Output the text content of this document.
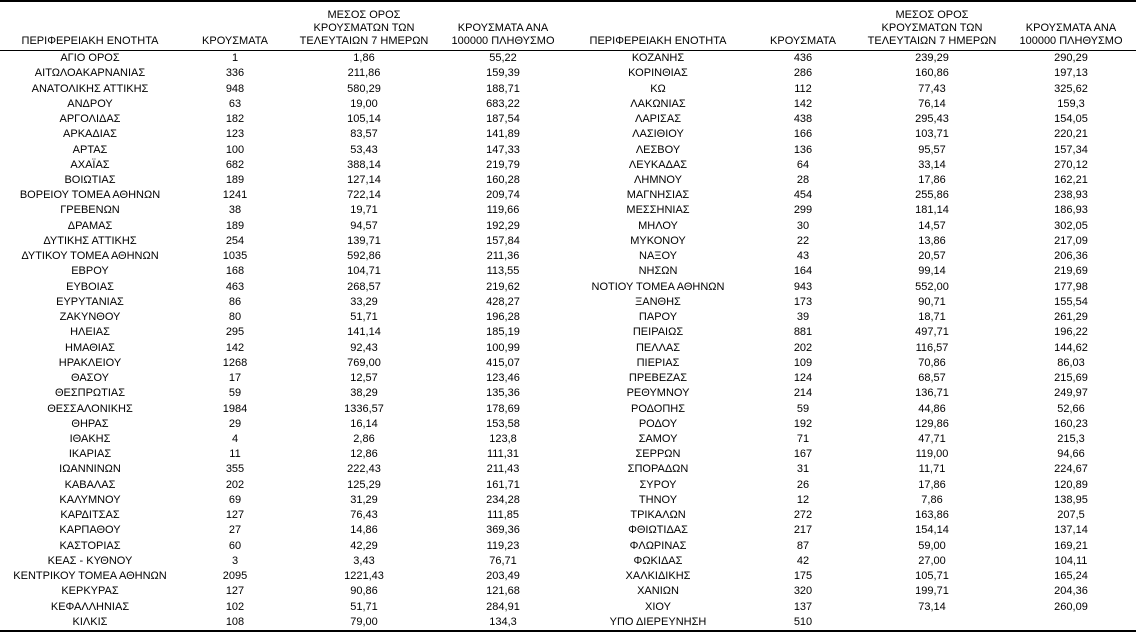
ΠΕΡΙΦΕΡΕΙΑΚΗ ΕΝΟΤΗΤΑ	ΚΡΟΥΣΜΑΤΑ	ΜΕΣΟΣ ΟΡΟΣ ΚΡΟΥΣΜΑΤΩΝ ΤΩΝ ΤΕΛΕΥΤΑΙΩΝ 7 ΗΜΕΡΩΝ	ΚΡΟΥΣΜΑΤΑ ΑΝΑ 100000 ΠΛΗΘΥΣΜΟ
ΑΓΙΟ ΟΡΟΣ	1	1,86	55,22
ΑΙΤΩΛΟΑΚΑΡΝΑΝΙΑΣ	336	211,86	159,39
ΑΝΑΤΟΛΙΚΗΣ ΑΤΤΙΚΗΣ	948	580,29	188,71
ΑΝΔΡΟΥ	63	19,00	683,22
ΑΡΓΟΛΙΔΑΣ	182	105,14	187,54
ΑΡΚΑΔΙΑΣ	123	83,57	141,89
ΑΡΤΑΣ	100	53,43	147,33
ΑΧΑΪΑΣ	682	388,14	219,79
ΒΟΙΩΤΙΑΣ	189	127,14	160,28
ΒΟΡΕΙΟΥ ΤΟΜΕΑ ΑΘΗΝΩΝ	1241	722,14	209,74
ΓΡΕΒΕΝΩΝ	38	19,71	119,66
ΔΡΑΜΑΣ	189	94,57	192,29
ΔΥΤΙΚΗΣ ΑΤΤΙΚΗΣ	254	139,71	157,84
ΔΥΤΙΚΟΥ ΤΟΜΕΑ ΑΘΗΝΩΝ	1035	592,86	211,36
ΕΒΡΟΥ	168	104,71	113,55
ΕΥΒΟΙΑΣ	463	268,57	219,62
ΕΥΡΥΤΑΝΙΑΣ	86	33,29	428,27
ΖΑΚΥΝΘΟΥ	80	51,71	196,28
ΗΛΕΙΑΣ	295	141,14	185,19
ΗΜΑΘΙΑΣ	142	92,43	100,99
ΗΡΑΚΛΕΙΟΥ	1268	769,00	415,07
ΘΑΣΟΥ	17	12,57	123,46
ΘΕΣΠΡΩΤΙΑΣ	59	38,29	135,36
ΘΕΣΣΑΛΟΝΙΚΗΣ	1984	1336,57	178,69
ΘΗΡΑΣ	29	16,14	153,58
ΙΘΑΚΗΣ	4	2,86	123,8
ΙΚΑΡΙΑΣ	11	12,86	111,31
ΙΩΑΝΝΙΝΩΝ	355	222,43	211,43
ΚΑΒΑΛΑΣ	202	125,29	161,71
ΚΑΛΥΜΝΟΥ	69	31,29	234,28
ΚΑΡΔΙΤΣΑΣ	127	76,43	111,85
ΚΑΡΠΑΘΟΥ	27	14,86	369,36
ΚΑΣΤΟΡΙΑΣ	60	42,29	119,23
ΚΕΑΣ - ΚΥΘΝΟΥ	3	3,43	76,71
ΚΕΝΤΡΙΚΟΥ ΤΟΜΕΑ ΑΘΗΝΩΝ	2095	1221,43	203,49
ΚΕΡΚΥΡΑΣ	127	90,86	121,68
ΚΕΦΑΛΛΗΝΙΑΣ	102	51,71	284,91
ΚΙΛΚΙΣ	108	79,00	134,3
ΠΕΡΙΦΕΡΕΙΑΚΗ ΕΝΟΤΗΤΑ	ΚΡΟΥΣΜΑΤΑ	ΜΕΣΟΣ ΟΡΟΣ ΚΡΟΥΣΜΑΤΩΝ ΤΩΝ ΤΕΛΕΥΤΑΙΩΝ 7 ΗΜΕΡΩΝ	ΚΡΟΥΣΜΑΤΑ ΑΝΑ 100000 ΠΛΗΘΥΣΜΟ
ΚΟΖΑΝΗΣ	436	239,29	290,29
ΚΟΡΙΝΘΙΑΣ	286	160,86	197,13
ΚΩ	112	77,43	325,62
ΛΑΚΩΝΙΑΣ	142	76,14	159,3
ΛΑΡΙΣΑΣ	438	295,43	154,05
ΛΑΣΙΘΙΟΥ	166	103,71	220,21
ΛΕΣΒΟΥ	136	95,57	157,34
ΛΕΥΚΑΔΑΣ	64	33,14	270,12
ΛΗΜΝΟΥ	28	17,86	162,21
ΜΑΓΝΗΣΙΑΣ	454	255,86	238,93
ΜΕΣΣΗΝΙΑΣ	299	181,14	186,93
ΜΗΛΟΥ	30	14,57	302,05
ΜΥΚΟΝΟΥ	22	13,86	217,09
ΝΑΞΟΥ	43	20,57	206,36
ΝΗΣΩΝ	164	99,14	219,69
ΝΟΤΙΟΥ ΤΟΜΕΑ ΑΘΗΝΩΝ	943	552,00	177,98
ΞΑΝΘΗΣ	173	90,71	155,54
ΠΑΡΟΥ	39	18,71	261,29
ΠΕΙΡΑΙΩΣ	881	497,71	196,22
ΠΕΛΛΑΣ	202	116,57	144,62
ΠΙΕΡΙΑΣ	109	70,86	86,03
ΠΡΕΒΕΖΑΣ	124	68,57	215,69
ΡΕΘΥΜΝΟΥ	214	136,71	249,97
ΡΟΔΟΠΗΣ	59	44,86	52,66
ΡΟΔΟΥ	192	129,86	160,23
ΣΑΜΟΥ	71	47,71	215,3
ΣΕΡΡΩΝ	167	119,00	94,66
ΣΠΟΡΑΔΩΝ	31	11,71	224,67
ΣΥΡΟΥ	26	17,86	120,89
ΤΗΝΟΥ	12	7,86	138,95
ΤΡΙΚΑΛΩΝ	272	163,86	207,5
ΦΘΙΩΤΙΔΑΣ	217	154,14	137,14
ΦΛΩΡΙΝΑΣ	87	59,00	169,21
ΦΩΚΙΔΑΣ	42	27,00	104,11
ΧΑΛΚΙΔΙΚΗΣ	175	105,71	165,24
ΧΑΝΙΩΝ	320	199,71	204,36
ΧΙΟΥ	137	73,14	260,09
ΥΠΟ ΔΙΕΡΕΥΝΗΣΗ	510		
